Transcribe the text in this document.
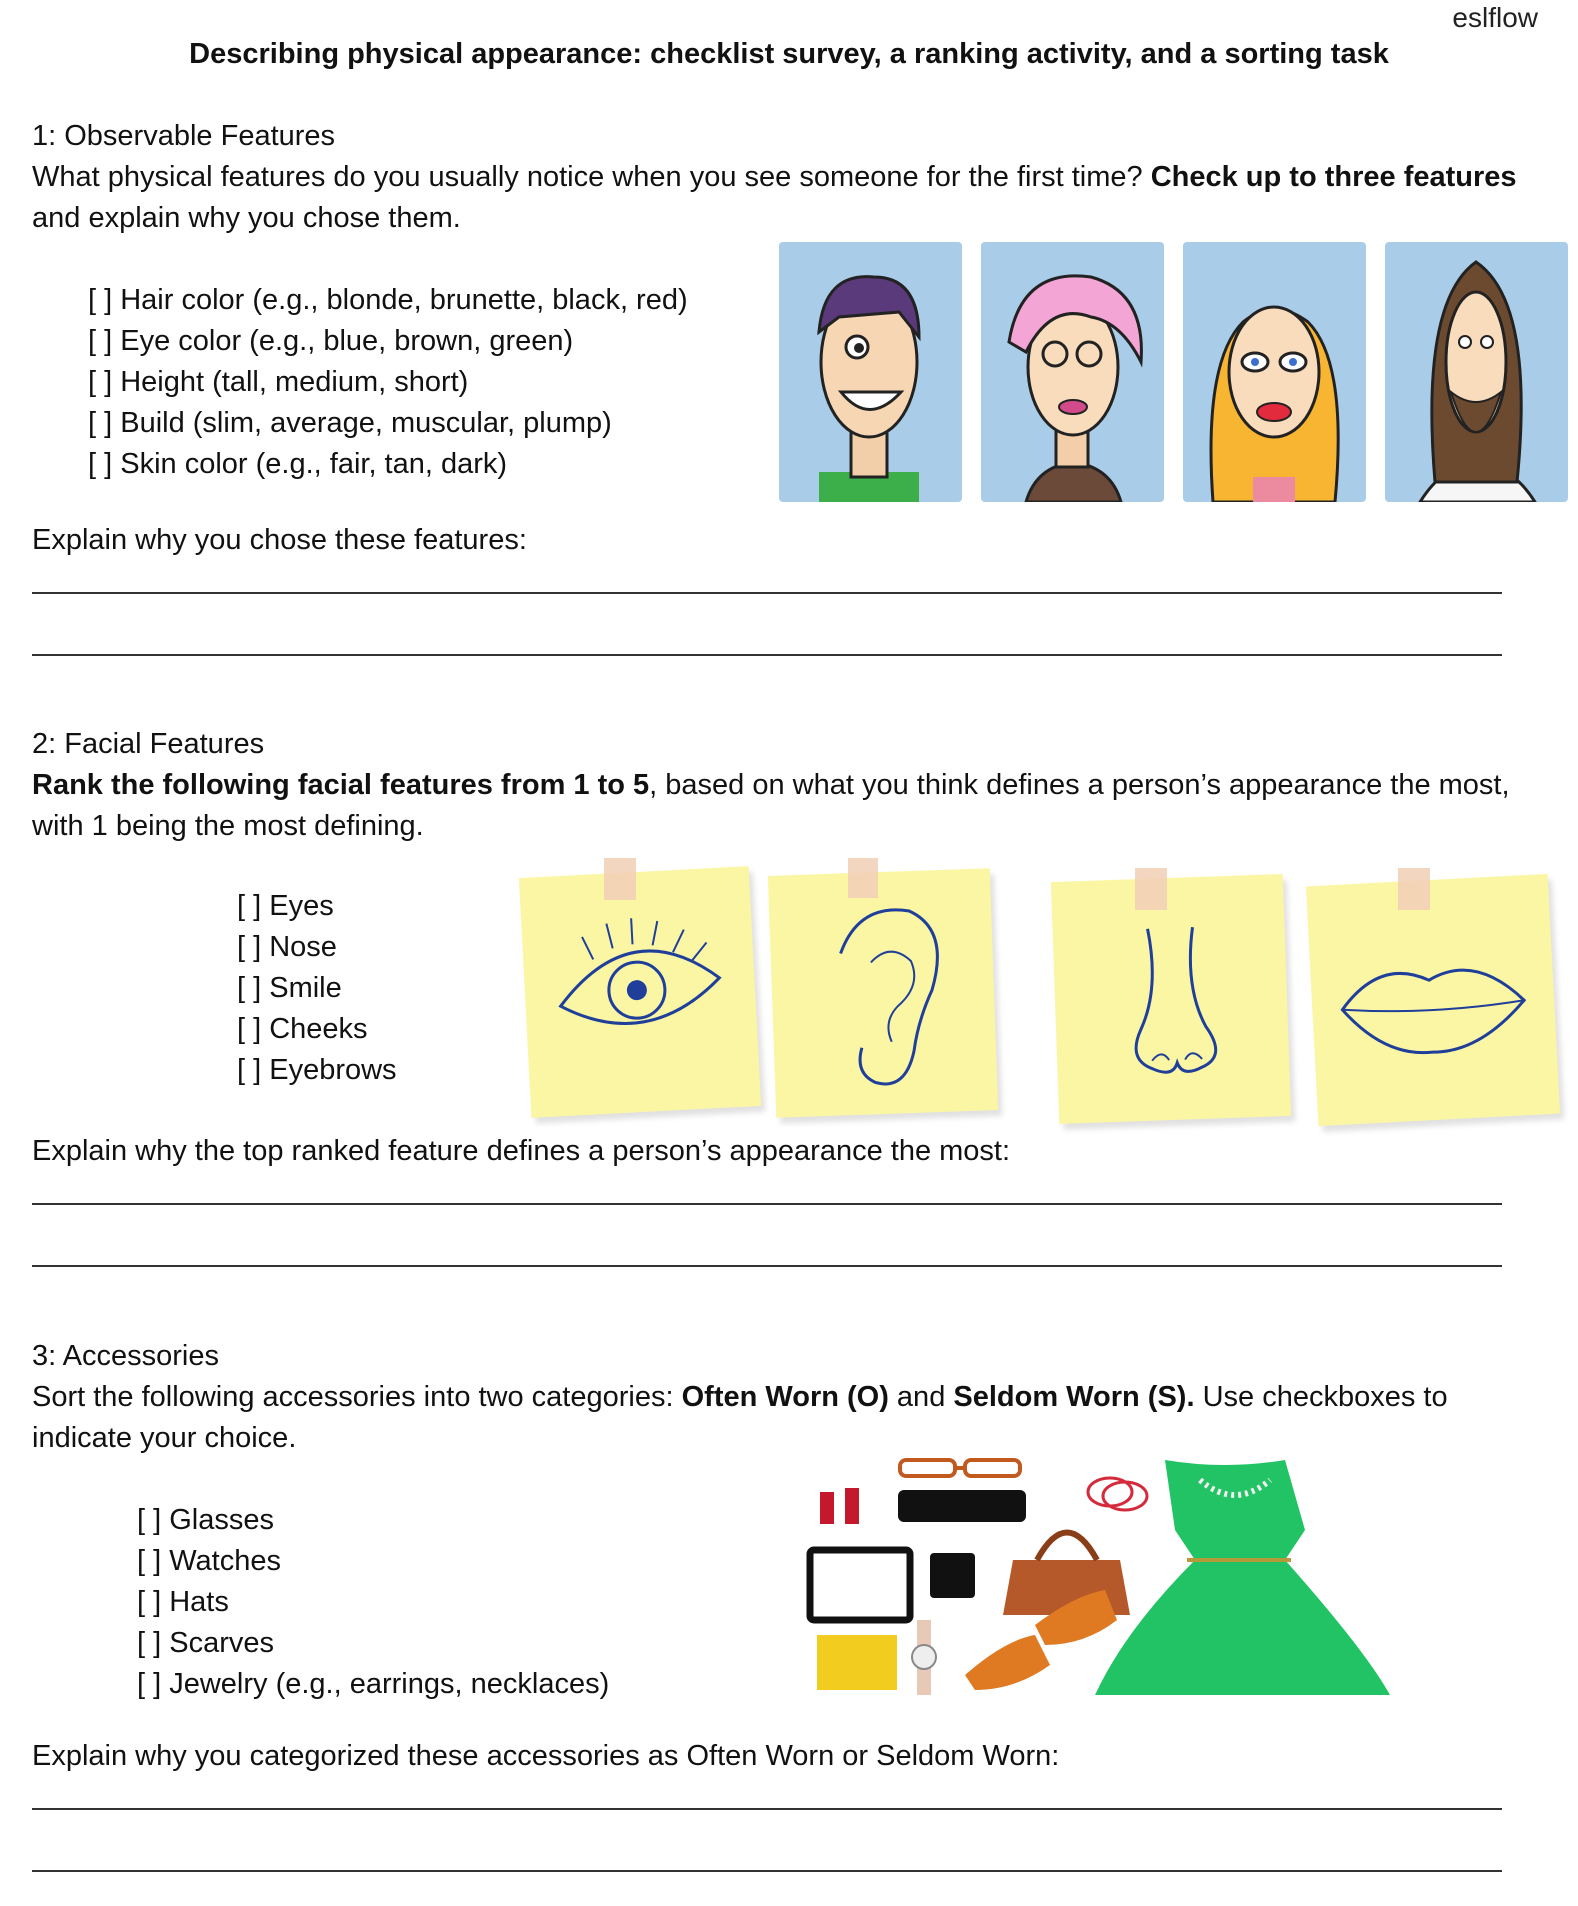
eslflow
Describing physical appearance: checklist survey, a ranking activity, and a sorting task
1: Observable Features
What physical features do you usually notice when you see someone for the first time? Check up to three features and explain why you chose them.
[ ] Hair color (e.g., blonde, brunette, black, red)
[ ] Eye color (e.g., blue, brown, green)
[ ] Height (tall, medium, short)
[ ] Build (slim, average, muscular, plump)
[ ] Skin color (e.g., fair, tan, dark)
Explain why you chose these features:
2: Facial Features
Rank the following facial features from 1 to 5, based on what you think defines a person’s appearance the most, with 1 being the most defining.
[ ] Eyes
[ ] Nose
[ ] Smile
[ ] Cheeks
[ ] Eyebrows
Explain why the top ranked feature defines a person’s appearance the most:
3: Accessories
Sort the following accessories into two categories: Often Worn (O) and Seldom Worn (S). Use checkboxes to indicate your choice.
[ ] Glasses
[ ] Watches
[ ] Hats
[ ] Scarves
[ ] Jewelry (e.g., earrings, necklaces)
Explain why you categorized these accessories as Often Worn or Seldom Worn:
